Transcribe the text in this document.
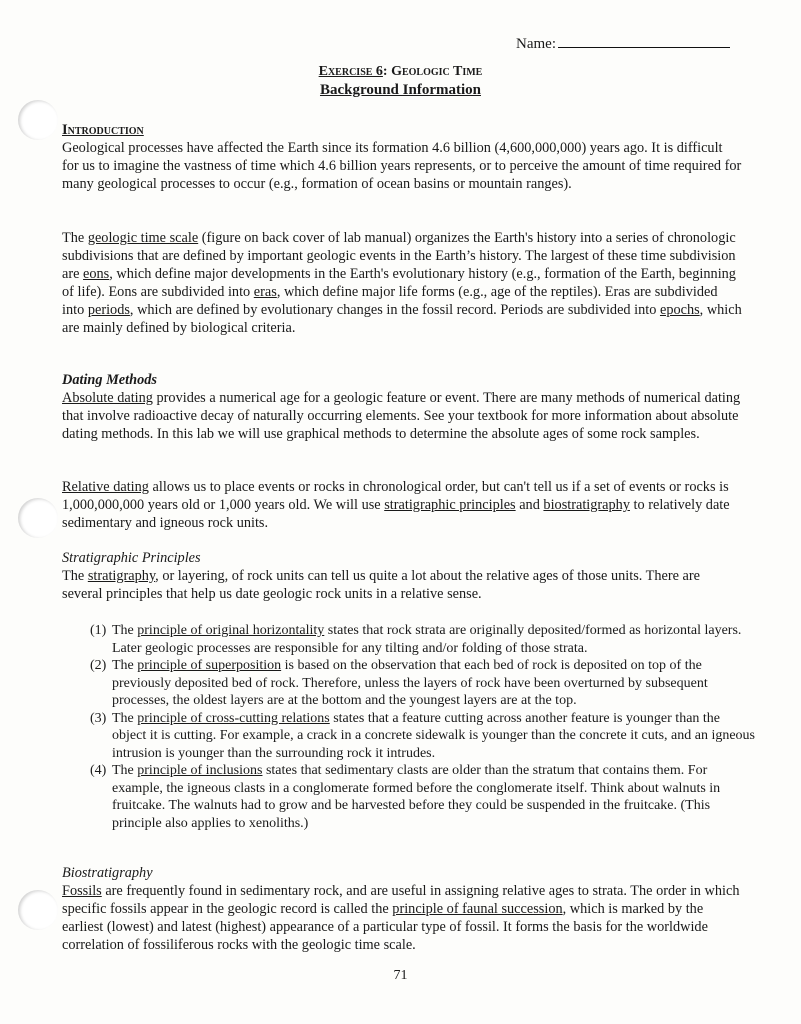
Name:
Exercise 6: Geologic Time
Background Information

Introduction

Geological processes have affected the Earth since its formation 4.6 billion (4,600,000,000) years ago. It is difficult for us to imagine the vastness of time which 4.6 billion years represents, or to perceive the amount of time required for many geological processes to occur (e.g., formation of ocean basins or mountain ranges).

The geologic time scale (figure on back cover of lab manual) organizes the Earth's history into a series of chronologic subdivisions that are defined by important geologic events in the Earth’s history. The largest of these time subdivision are eons, which define major developments in the Earth's evolutionary history (e.g., formation of the Earth, beginning of life). Eons are subdivided into eras, which define major life forms (e.g., age of the reptiles). Eras are subdivided into periods, which are defined by evolutionary changes in the fossil record. Periods are subdivided into epochs, which are mainly defined by biological criteria.

Dating Methods

Absolute dating provides a numerical age for a geologic feature or event. There are many methods of numerical dating that involve radioactive decay of naturally occurring elements. See your textbook for more information about absolute dating methods. In this lab we will use graphical methods to determine the absolute ages of some rock samples.

Relative dating allows us to place events or rocks in chronological order, but can't tell us if a set of events or rocks is 1,000,000,000 years old or 1,000 years old. We will use stratigraphic principles and biostratigraphy to relatively date sedimentary and igneous rock units.

Stratigraphic Principles

The stratigraphy, or layering, of rock units can tell us quite a lot about the relative ages of those units. There are several principles that help us date geologic rock units in a relative sense.

(1) The principle of original horizontality states that rock strata are originally deposited/formed as horizontal layers. Later geologic processes are responsible for any tilting and/or folding of those strata.
(2) The principle of superposition is based on the observation that each bed of rock is deposited on top of the previously deposited bed of rock. Therefore, unless the layers of rock have been overturned by subsequent processes, the oldest layers are at the bottom and the youngest layers are at the top.
(3) The principle of cross-cutting relations states that a feature cutting across another feature is younger than the object it is cutting. For example, a crack in a concrete sidewalk is younger than the concrete it cuts, and an igneous intrusion is younger than the surrounding rock it intrudes.
(4) The principle of inclusions states that sedimentary clasts are older than the stratum that contains them. For example, the igneous clasts in a conglomerate formed before the conglomerate itself. Think about walnuts in fruitcake. The walnuts had to grow and be harvested before they could be suspended in the fruitcake. (This principle also applies to xenoliths.)

Biostratigraphy

Fossils are frequently found in sedimentary rock, and are useful in assigning relative ages to strata. The order in which specific fossils appear in the geologic record is called the principle of faunal succession, which is marked by the earliest (lowest) and latest (highest) appearance of a particular type of fossil. It forms the basis for the worldwide correlation of fossiliferous rocks with the geologic time scale.

71
